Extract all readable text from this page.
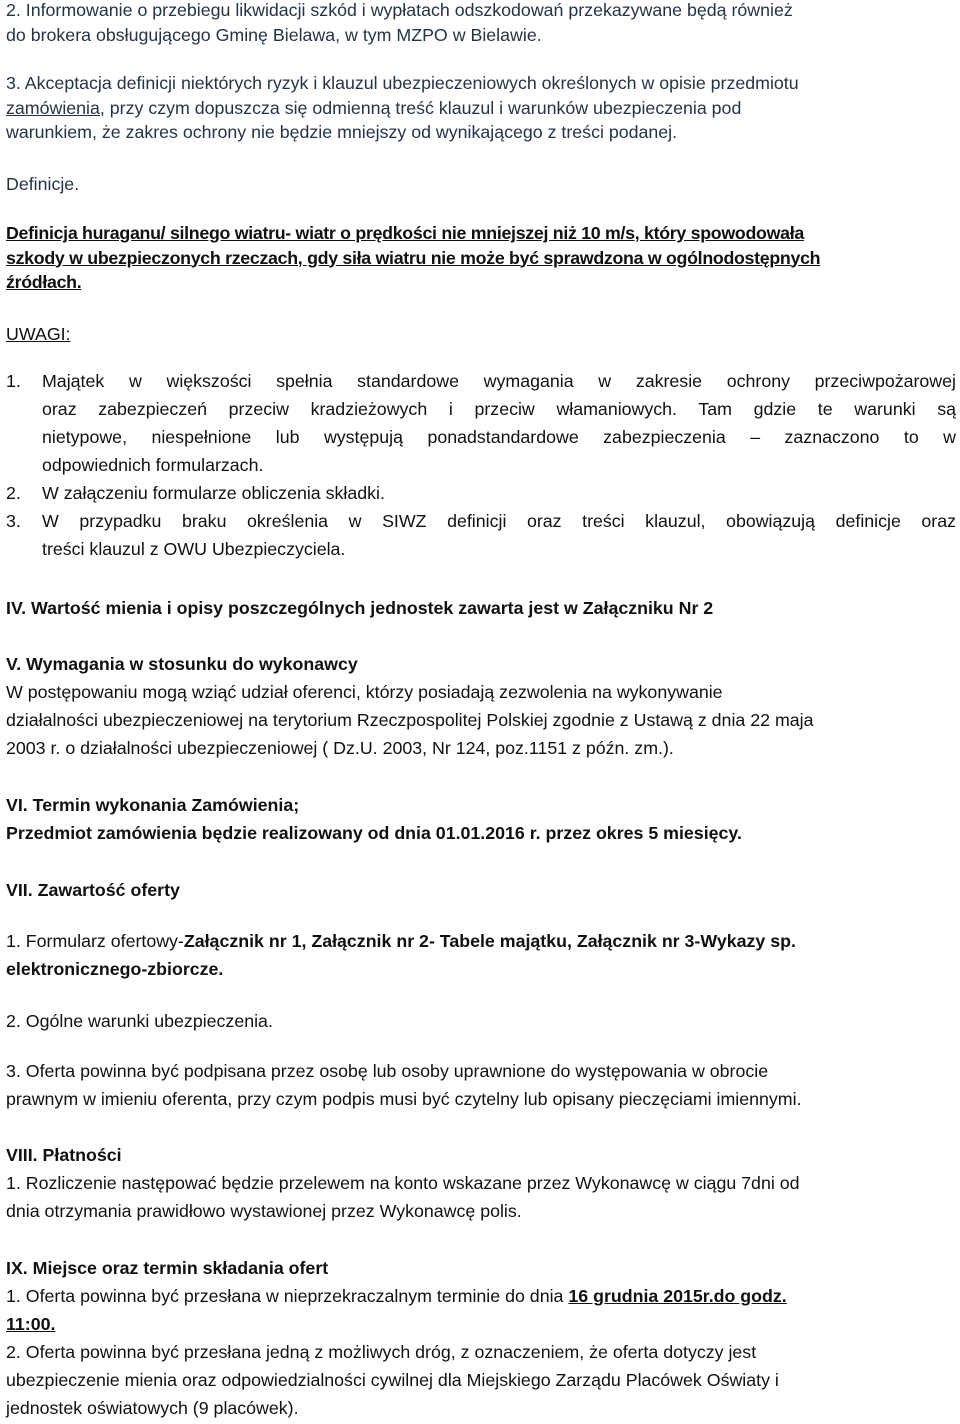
2. Informowanie o przebiegu likwidacji szkód i wypłatach odszkodowań przekazywane będą również

do brokera obsługującego Gminę Bielawa, w tym MZPO w Bielawie.

3. Akceptacja definicji niektórych ryzyk i klauzul ubezpieczeniowych określonych w opisie przedmiotu

zamówienia, przy czym dopuszcza się odmienną treść klauzul i warunków ubezpieczenia pod

warunkiem, że zakres ochrony nie będzie mniejszy od wynikającego z treści podanej.

Definicje.

Definicja huraganu/ silnego wiatru- wiatr o prędkości nie mniejszej niż 10 m/s, który spowodowała

szkody w ubezpieczonych rzeczach, gdy siła wiatru nie może być sprawdzona w ogólnodostępnych

źródłach.

UWAGI:

1. Majątek w większości spełnia standardowe wymagania w zakresie ochrony przeciwpożarowej

oraz zabezpieczeń przeciw kradzieżowych i przeciw włamaniowych. Tam gdzie te warunki są

nietypowe, niespełnione lub występują ponadstandardowe zabezpieczenia – zaznaczono to w

odpowiednich formularzach.

2. W załączeniu formularze obliczenia składki.

3. W przypadku braku określenia w SIWZ definicji oraz treści klauzul, obowiązują definicje oraz

treści klauzul z OWU Ubezpieczyciela.

IV. Wartość mienia i opisy poszczególnych jednostek zawarta jest w Załączniku Nr 2

V. Wymagania w stosunku do wykonawcy

W postępowaniu mogą wziąć udział oferenci, którzy posiadają zezwolenia na wykonywanie

działalności ubezpieczeniowej na terytorium Rzeczpospolitej Polskiej zgodnie z Ustawą z dnia 22 maja

2003 r. o działalności ubezpieczeniowej ( Dz.U. 2003, Nr 124, poz.1151 z późn. zm.).

VI. Termin wykonania Zamówienia;

Przedmiot zamówienia będzie realizowany od dnia 01.01.2016 r. przez okres 5 miesięcy.

VII. Zawartość oferty

1. Formularz ofertowy-Załącznik nr 1, Załącznik nr 2- Tabele majątku, Załącznik nr 3-Wykazy sp.

elektronicznego-zbiorcze.

2. Ogólne warunki ubezpieczenia.

3. Oferta powinna być podpisana przez osobę lub osoby uprawnione do występowania w obrocie

prawnym w imieniu oferenta, przy czym podpis musi być czytelny lub opisany pieczęciami imiennymi.

VIII. Płatności

1. Rozliczenie następować będzie przelewem na konto wskazane przez Wykonawcę w ciągu 7dni od

dnia otrzymania prawidłowo wystawionej przez Wykonawcę polis.

IX. Miejsce oraz termin składania ofert

1. Oferta powinna być przesłana w nieprzekraczalnym terminie do dnia 16 grudnia 2015r.do godz.

11:00.

2. Oferta powinna być przesłana jedną z możliwych dróg, z oznaczeniem, że oferta dotyczy jest

ubezpieczenie mienia oraz odpowiedzialności cywilnej dla Miejskiego Zarządu Placówek Oświaty i

jednostek oświatowych (9 placówek).
